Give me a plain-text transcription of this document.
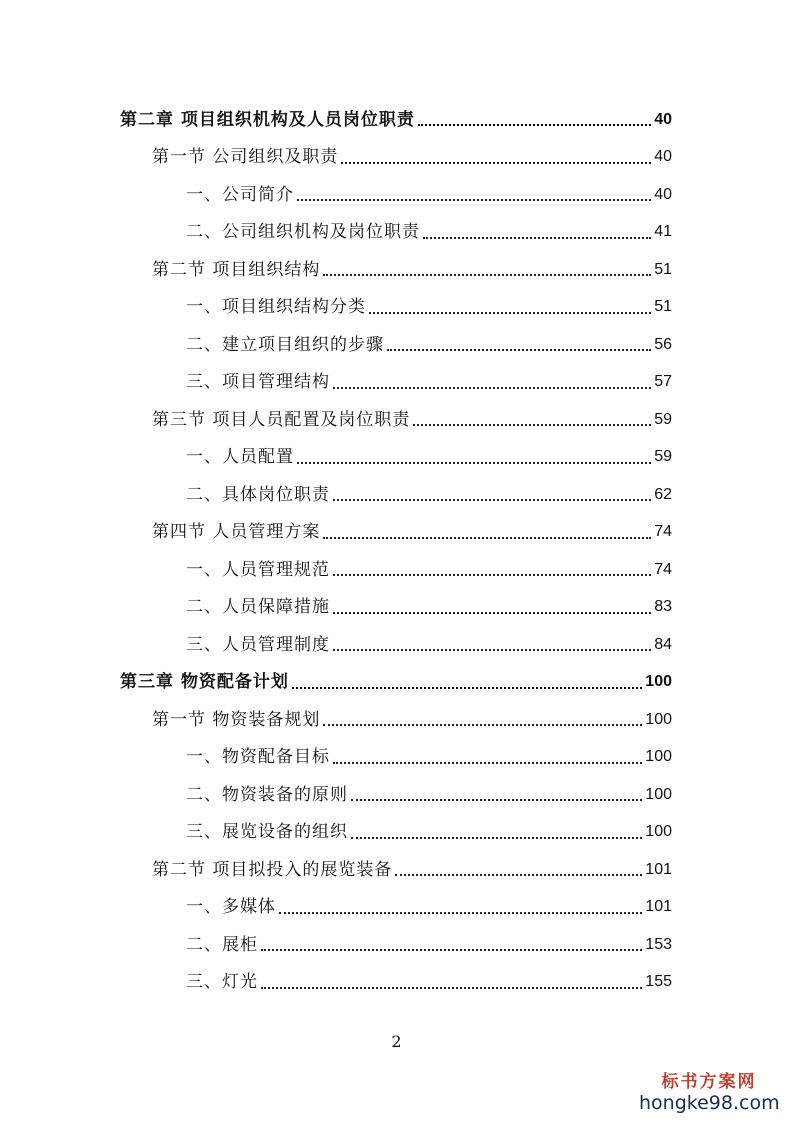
第二章 项目组织机构及人员岗位职责	40
第一节 公司组织及职责	40
一、公司简介	40
二、公司组织机构及岗位职责	41
第二节 项目组织结构	51
一、项目组织结构分类	51
二、建立项目组织的步骤	56
三、项目管理结构	57
第三节 项目人员配置及岗位职责	59
一、人员配置	59
二、具体岗位职责	62
第四节 人员管理方案	74
一、人员管理规范	74
二、人员保障措施	83
三、人员管理制度	84
第三章 物资配备计划	100
第一节 物资装备规划	100
一、物资配备目标	100
二、物资装备的原则	100
三、展览设备的组织	100
第二节 项目拟投入的展览装备	101
一、多媒体	101
二、展柜	153
三、灯光	155
2
标书方案网
hongke98.com
